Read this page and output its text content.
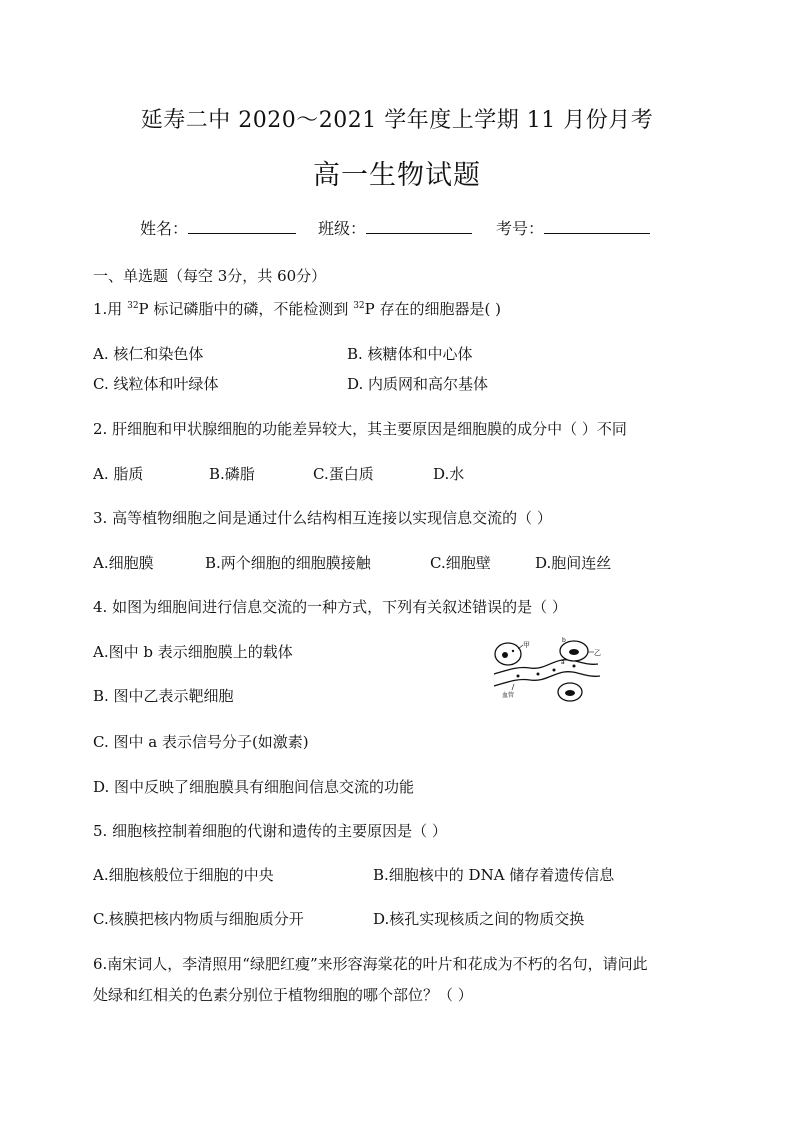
延寿二中 2020～2021 学年度上学期 11 月份月考
高一生物试题
姓名：	班级：	考号：
一、单选题（每空 3分，共 60分）
1.用 $^{32}$P 标记磷脂中的磷，不能检测到 $^{32}$P 存在的细胞器是( )
A. 核仁和染色体	B. 核糖体和中心体
C. 线粒体和叶绿体	D. 内质网和高尔基体
2. 肝细胞和甲状腺细胞的功能差异较大，其主要原因是细胞膜的成分中（ ）不同
A. 脂质	B.磷脂	C.蛋白质	D.水
3. 高等植物细胞之间是通过什么结构相互连接以实现信息交流的（ ）
A.细胞膜	B.两个细胞的细胞膜接触	C.细胞壁	D.胞间连丝
4. 如图为细胞间进行信息交流的一种方式，下列有关叙述错误的是（ ）
A.图中 b 表示细胞膜上的载体
B. 图中乙表示靶细胞
C. 图中 a 表示信号分子(如激素)
D. 图中反映了细胞膜具有细胞间信息交流的功能
甲
乙
b
a
血管
5. 细胞核控制着细胞的代谢和遗传的主要原因是（ ）
A.细胞核般位于细胞的中央	B.细胞核中的 DNA 储存着遗传信息
C.核膜把核内物质与细胞质分开	D.核孔实现核质之间的物质交换
6.南宋词人，李清照用“绿肥红瘦”来形容海棠花的叶片和花成为不朽的名句，请问此
处绿和红相关的色素分别位于植物细胞的哪个部位？（ ）
